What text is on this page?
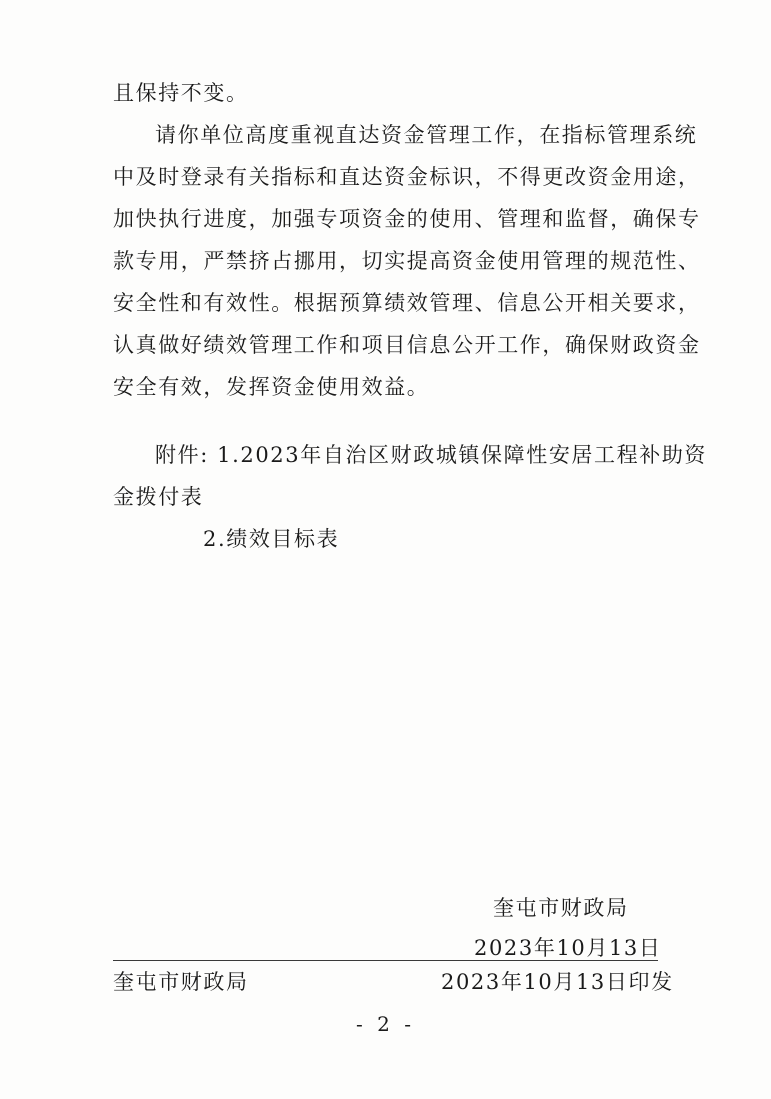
且保持不变。
请你单位高度重视直达资金管理工作，在指标管理系统
中及时登录有关指标和直达资金标识，不得更改资金用途，
加快执行进度，加强专项资金的使用、管理和监督，确保专
款专用，严禁挤占挪用，切实提高资金使用管理的规范性、
安全性和有效性。根据预算绩效管理、信息公开相关要求，
认真做好绩效管理工作和项目信息公开工作，确保财政资金
安全有效，发挥资金使用效益。
附件: 1.2023年自治区财政城镇保障性安居工程补助资
金拨付表
2.绩效目标表
奎屯市财政局
2023年10月13日
奎屯市财政局	2023年10月13日印发
- 2 -
